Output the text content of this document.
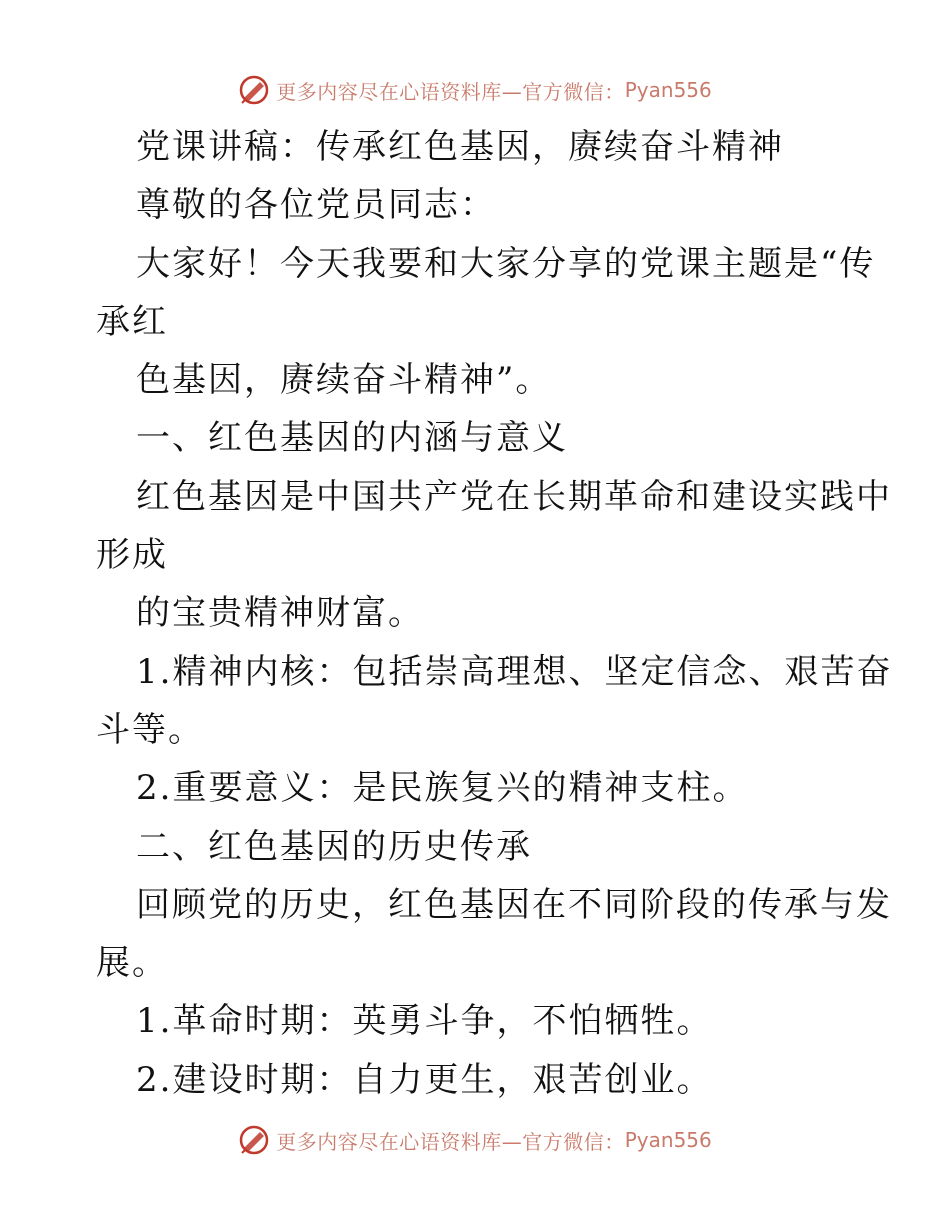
更多内容尽在心语资料库—官方微信： Pyan556
党课讲稿：传承红色基因，赓续奋斗精神
尊敬的各位党员同志：
大家好！今天我要和大家分享的党课主题是“传
承红
色基因，赓续奋斗精神”。
一、红色基因的内涵与意义
红色基因是中国共产党在长期革命和建设实践中
形成
的宝贵精神财富。
1.精神内核：包括崇高理想、坚定信念、艰苦奋
斗等。
2.重要意义：是民族复兴的精神支柱。
二、红色基因的历史传承
回顾党的历史，红色基因在不同阶段的传承与发
展。
1.革命时期：英勇斗争，不怕牺牲。
2.建设时期：自力更生，艰苦创业。
更多内容尽在心语资料库—官方微信： Pyan556
